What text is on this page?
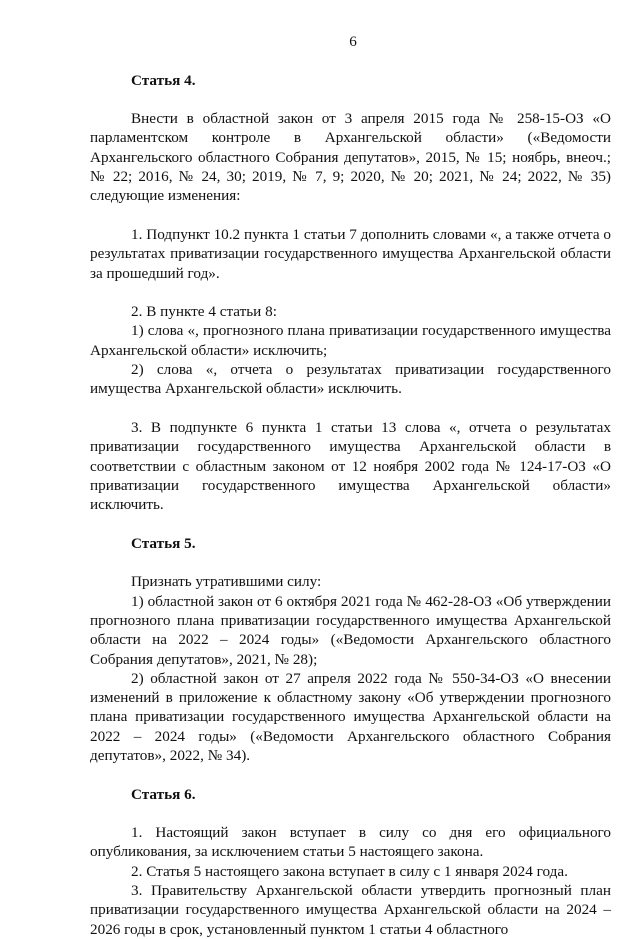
6
Статья 4.

Внести в областной закон от 3 апреля 2015 года № 258-15-ОЗ «О парламентском контроле в Архангельской области» («Ведомости Архангельского областного Собрания депутатов», 2015, № 15; ноябрь, внеоч.; № 22; 2016, № 24, 30; 2019, № 7, 9; 2020, № 20; 2021, № 24; 2022, № 35) следующие изменения:

1. Подпункт 10.2 пункта 1 статьи 7 дополнить словами «, а также отчета о результатах приватизации государственного имущества Архангельской области за прошедший год».

2. В пункте 4 статьи 8:

1) слова «, прогнозного плана приватизации государственного имущества Архангельской области» исключить;

2) слова «, отчета о результатах приватизации государственного имущества Архангельской области» исключить.

3. В подпункте 6 пункта 1 статьи 13 слова «, отчета о результатах приватизации государственного имущества Архангельской области в соответствии с областным законом от 12 ноября 2002 года № 124-17-ОЗ «О приватизации государственного имущества Архангельской области» исключить.

Статья 5.

Признать утратившими силу:

1) областной закон от 6 октября 2021 года № 462-28-ОЗ «Об утверждении прогнозного плана приватизации государственного имущества Архангельской области на 2022 – 2024 годы» («Ведомости Архангельского областного Собрания депутатов», 2021, № 28);

2) областной закон от 27 апреля 2022 года № 550-34-ОЗ «О внесении изменений в приложение к областному закону «Об утверждении прогнозного плана приватизации государственного имущества Архангельской области на 2022 – 2024 годы» («Ведомости Архангельского областного Собрания депутатов», 2022, № 34).

Статья 6.

1. Настоящий закон вступает в силу со дня его официального опубликования, за исключением статьи 5 настоящего закона.

2. Статья 5 настоящего закона вступает в силу с 1 января 2024 года.

3. Правительству Архангельской области утвердить прогнозный план приватизации государственного имущества Архангельской области на 2024 – 2026 годы в срок, установленный пунктом 1 статьи 4 областного
